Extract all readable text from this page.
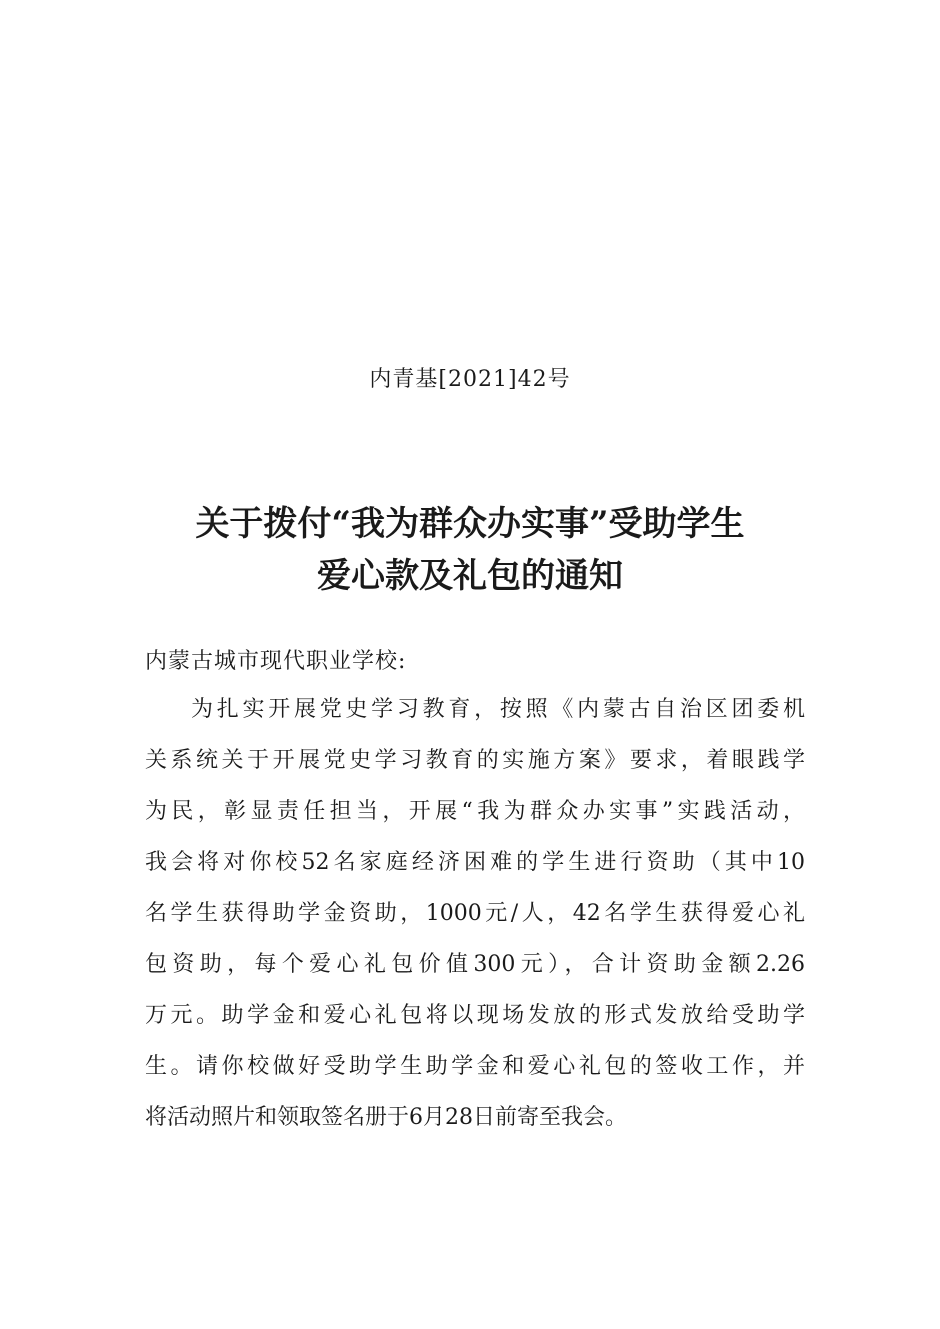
内青基[2021]42号
关于拨付“我为群众办实事”受助学生
爱心款及礼包的通知
内蒙古城市现代职业学校:
为扎实开展党史学习教育，按照《内蒙古自治区团委机
关系统关于开展党史学习教育的实施方案》要求，着眼践学
为民，彰显责任担当，开展“我为群众办实事”实践活动，
我会将对你校52名家庭经济困难的学生进行资助（其中10
名学生获得助学金资助，1000元/人，42名学生获得爱心礼
包资助，每个爱心礼包价值300元），合计资助金额2.26
万元。助学金和爱心礼包将以现场发放的形式发放给受助学
生。请你校做好受助学生助学金和爱心礼包的签收工作，并
将活动照片和领取签名册于6月28日前寄至我会。
